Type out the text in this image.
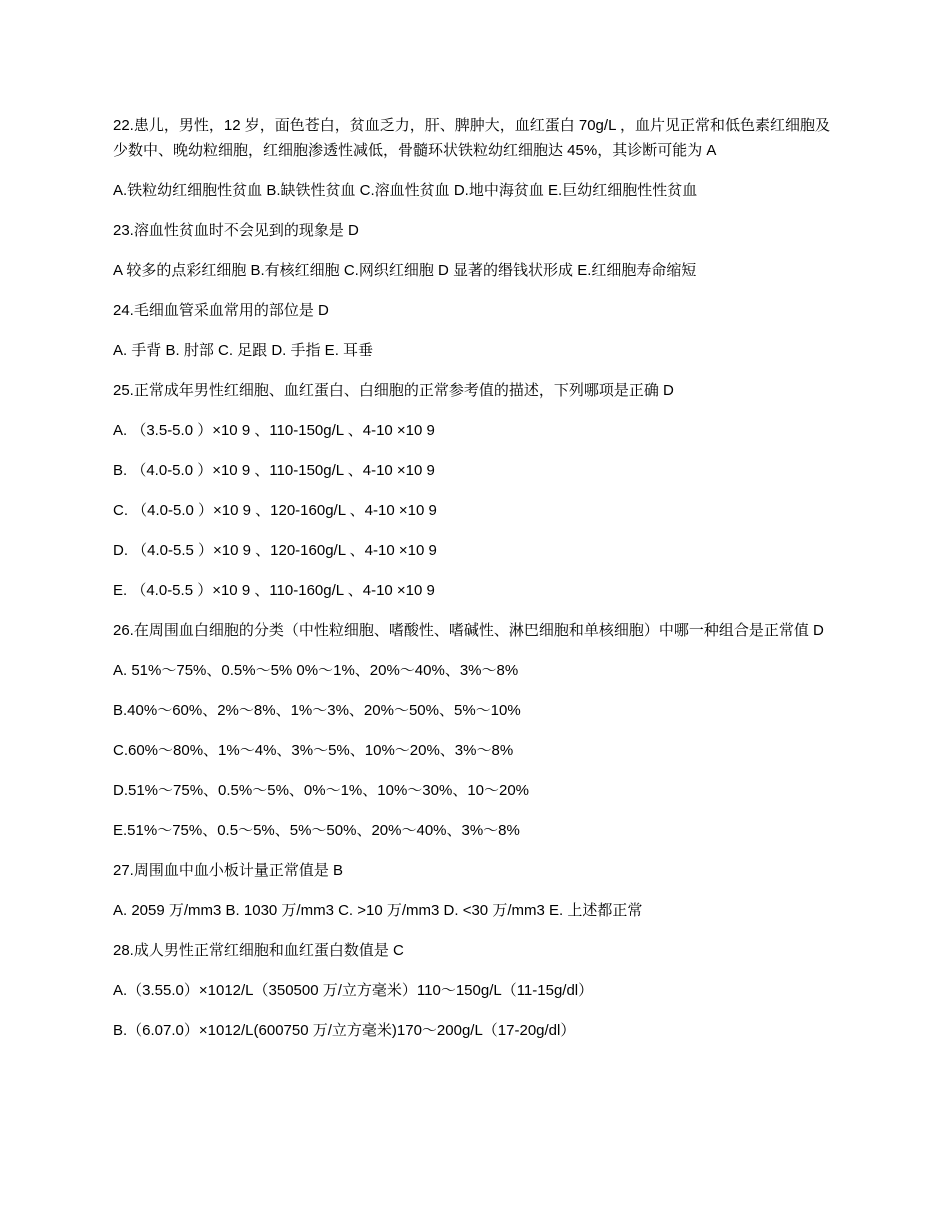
22.患儿，男性，12 岁，面色苍白，贫血乏力，肝、脾肿大，血红蛋白 70g/L ，血片见正常和低色素红细胞及少数中、晚幼粒细胞，红细胞渗透性减低，骨髓环状铁粒幼红细胞达 45%，其诊断可能为 A

A.铁粒幼红细胞性贫血 B.缺铁性贫血 C.溶血性贫血 D.地中海贫血 E.巨幼红细胞性性贫血

23.溶血性贫血时不会见到的现象是 D

A 较多的点彩红细胞 B.有核红细胞 C.网织红细胞 D 显著的缗钱状形成 E.红细胞寿命缩短

24.毛细血管采血常用的部位是 D

A. 手背 B. 肘部 C. 足跟 D. 手指 E. 耳垂

25.正常成年男性红细胞、血红蛋白、白细胞的正常参考值的描述，下列哪项是正确 D

A. （3.5-5.0 ）×10 9 、110-150g/L 、4-10 ×10 9

B. （4.0-5.0 ）×10 9 、110-150g/L 、4-10 ×10 9

C. （4.0-5.0 ）×10 9 、120-160g/L 、4-10 ×10 9

D. （4.0-5.5 ）×10 9 、120-160g/L 、4-10 ×10 9

E. （4.0-5.5 ）×10 9 、110-160g/L 、4-10 ×10 9

26.在周围血白细胞的分类（中性粒细胞、嗜酸性、嗜碱性、淋巴细胞和单核细胞）中哪一种组合是正常值 D

A. 51%～75%、0.5%～5% 0%～1%、20%～40%、3%～8%

B.40%～60%、2%～8%、1%～3%、20%～50%、5%～10%

C.60%～80%、1%～4%、3%～5%、10%～20%、3%～8%

D.51%～75%、0.5%～5%、0%～1%、10%～30%、10～20%

E.51%～75%、0.5～5%、5%～50%、20%～40%、3%～8%

27.周围血中血小板计量正常值是 B

A. 2059 万/mm3 B. 1030 万/mm3 C. >10 万/mm3 D. <30 万/mm3 E. 上述都正常

28.成人男性正常红细胞和血红蛋白数值是 C

A.（3.55.0）×1012/L（350500 万/立方毫米）110～150g/L（11-15g/dl）

B.（6.07.0）×1012/L(600750 万/立方毫米)170～200g/L（17-20g/dl）
